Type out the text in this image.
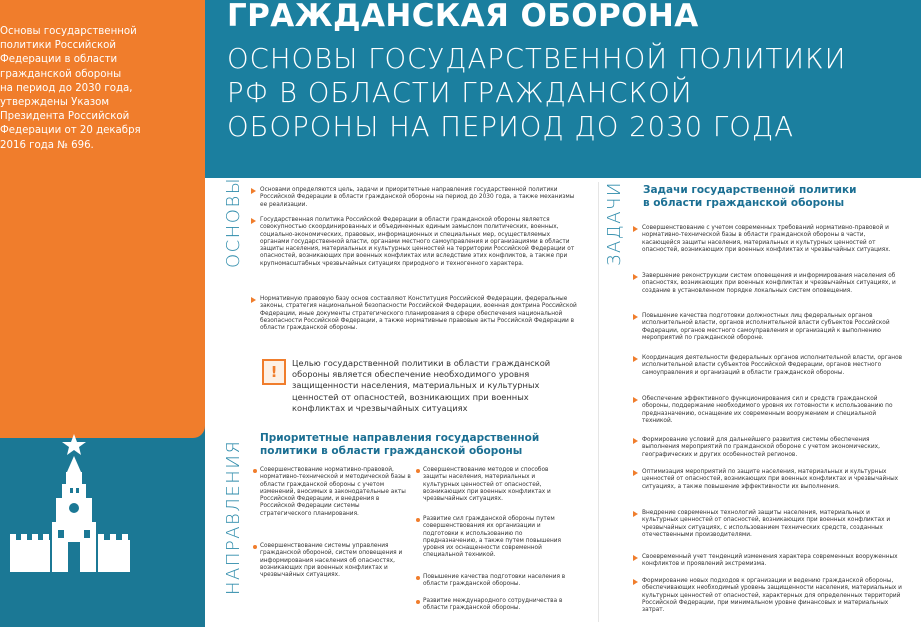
Основы государственной
политики Российской
Федерации в области
гражданской обороны
на период до 2030 года,
утверждены Указом
Президента Российской
Федерации от 20 декабря
2016 года № 696.

ГРАЖДАНСКАЯ ОБОРОНА
ОСНОВЫ ГОСУДАРСТВЕННОЙ ПОЛИТИКИ
РФ В ОБЛАСТИ ГРАЖДАНСКОЙ
ОБОРОНЫ НА ПЕРИОД ДО 2030 ГОДА
ОСНОВЫ
НАПРАВЛЕНИЯ
ЗАДАЧИ
Основами определяются цель, задачи и приоритетные направления государственной политики Российской Федерации в области гражданской обороны на период до 2030 года, а также механизмы ее реализации.
Государственная политика Российской Федерации в области гражданской обороны является совокупностью скоординированных и объединенных единым замыслом политических, военных, социально-экономических, правовых, информационных и специальных мер, осуществляемых органами государственной власти, органами местного самоуправления и организациями в области защиты населения, материальных и культурных ценностей на территории Российской Федерации от опасностей, возникающих при военных конфликтах или вследствие этих конфликтов, а также при крупномасштабных чрезвычайных ситуациях природного и техногенного характера.
Нормативную правовую базу основ составляют Конституция Российской Федерации, федеральные законы, стратегия национальной безопасности Российской Федерации, военная доктрина Российской Федерации, иные документы стратегического планирования в сфере обеспечения национальной безопасности Российской Федерации, а также нормативные правовые акты Российской Федерации в области гражданской обороны.
!	Целью государственной политики в области гражданской обороны является обеспечение необходимого уровня защищенности населения, материальных и культурных ценностей от опасностей, возникающих при военных конфликтах и чрезвычайных ситуациях
Приоритетные направления государственной
политики в области гражданской обороны
Совершенствование нормативно-правовой, нормативно-технической и методической базы в области гражданской обороны с учетом изменений, вносимых в законодательные акты Российской Федерации, и внедрения в Российской Федерации системы стратегического планирования.
Совершенствование системы управления гражданской обороной, систем оповещения и информирования населения об опасностях, возникающих при военных конфликтах и чрезвычайных ситуациях.
Совершенствование методов и способов защиты населения, материальных и культурных ценностей от опасностей, возникающих при военных конфликтах и чрезвычайных ситуациях.
Развитие сил гражданской обороны путем совершенствования их организации и подготовки к использованию по предназначению, а также путем повышения уровня их оснащенности современной специальной техникой.
Повышение качества подготовки населения в области гражданской обороны.
Развитие международного сотрудничества в области гражданской обороны.
Задачи государственной политики
в области гражданской обороны
Совершенствование с учетом современных требований нормативно-правовой и нормативно-технической базы в области гражданской обороны в части, касающейся защиты населения, материальных и культурных ценностей от опасностей, возникающих при военных конфликтах и чрезвычайных ситуациях.
Завершение реконструкции систем оповещения и информирования населения об опасностях, возникающих при военных конфликтах и чрезвычайных ситуациях, и создание в установленном порядке локальных систем оповещения.
Повышение качества подготовки должностных лиц федеральных органов исполнительной власти, органов исполнительной власти субъектов Российской Федерации, органов местного самоуправления и организаций к выполнению мероприятий по гражданской обороне.
Координация деятельности федеральных органов исполнительной власти, органов исполнительной власти субъектов Российской Федерации, органов местного самоуправления и организаций в области гражданской обороны.
Обеспечение эффективного функционирования сил и средств гражданской обороны, поддержание необходимого уровня их готовности к использованию по предназначению, оснащение их современным вооружением и специальной техникой.
Формирование условий для дальнейшего развития системы обеспечения выполнения мероприятий по гражданской обороне с учетом экономических, географических и других особенностей регионов.
Оптимизация мероприятий по защите населения, материальных и культурных ценностей от опасностей, возникающих при военных конфликтах и чрезвычайных ситуациях, а также повышение эффективности их выполнения.
Внедрение современных технологий защиты населения, материальных и культурных ценностей от опасностей, возникающих при военных конфликтах и чрезвычайных ситуациях, с использованием технических средств, созданных отечественными производителями.
Своевременный учет тенденций изменения характера современных вооруженных конфликтов и проявлений экстремизма.
Формирование новых подходов к организации и ведению гражданской обороны, обеспечивающих необходимый уровень защищенности населения, материальных и культурных ценностей от опасностей, характерных для определенных территорий Российской Федерации, при минимальном уровне финансовых и материальных затрат.
